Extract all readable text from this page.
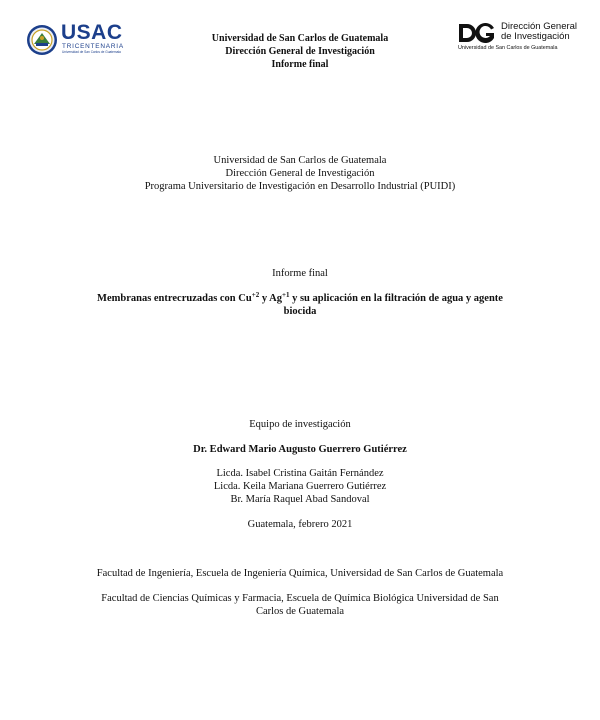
USAC
TRICENTENARIA
Universidad de San Carlos de Guatemala
Universidad de San Carlos de Guatemala
Dirección General de Investigación
Informe final
Dirección General
de Investigación
Universidad de San Carlos de Guatemala
Universidad de San Carlos de Guatemala
Dirección General de Investigación
Programa Universitario de Investigación en Desarrollo Industrial (PUIDI)
Informe final
Membranas entrecruzadas con $Cu^{+2}$ y $Ag^{+1}$ y su aplicación en la filtración de agua y agente
biocida
Equipo de investigación
Dr. Edward Mario Augusto Guerrero Gutiérrez
Licda. Isabel Cristina Gaitán Fernández
Licda. Keila Mariana Guerrero Gutiérrez
Br. María Raquel Abad Sandoval
Guatemala, febrero 2021
Facultad de Ingeniería, Escuela de Ingeniería Química, Universidad de San Carlos de Guatemala
Facultad de Ciencias Químicas y Farmacia, Escuela de Química Biológica Universidad de San
Carlos de Guatemala
